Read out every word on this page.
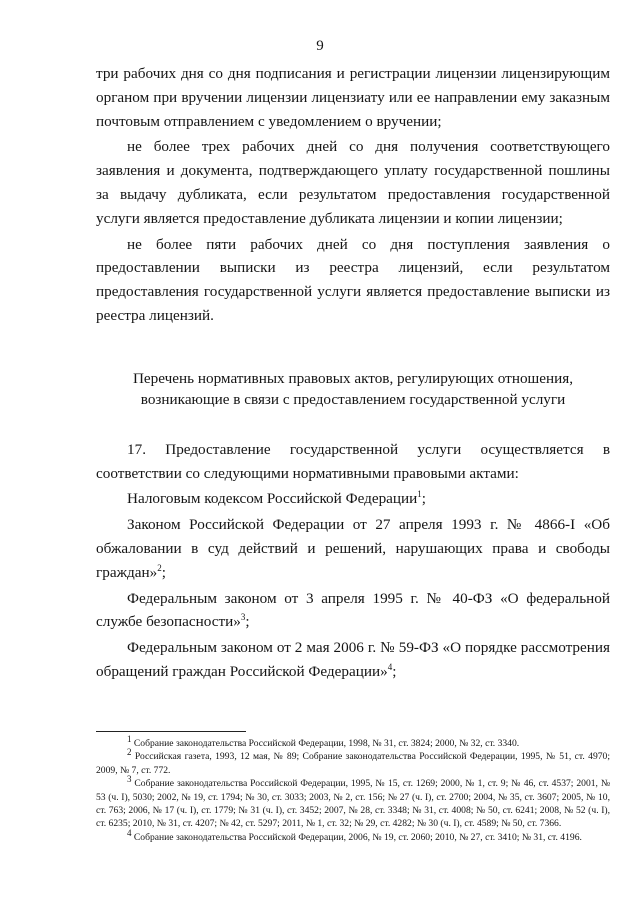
9

три рабочих дня со дня подписания и регистрации лицензии лицензирующим органом при вручении лицензии лицензиату или ее направлении ему заказным почтовым отправлением с уведомлением о вручении;

не более трех рабочих дней со дня получения соответствующего заявления и документа, подтверждающего уплату государственной пошлины за выдачу дубликата, если результатом предоставления государственной услуги является предоставление дубликата лицензии и копии лицензии;

не более пяти рабочих дней со дня поступления заявления о предоставлении выписки из реестра лицензий, если результатом предоставления государственной услуги является предоставление выписки из реестра лицензий.

Перечень нормативных правовых актов, регулирующих отношения,
возникающие в связи с предоставлением государственной услуги

17. Предоставление государственной услуги осуществляется в соответствии со следующими нормативными правовыми актами:

Налоговым кодексом Российской Федерации$^1$;

Законом Российской Федерации от 27 апреля 1993 г. № 4866-I «Об обжаловании в суд действий и решений, нарушающих права и свободы граждан»$^2$;

Федеральным законом от 3 апреля 1995 г. № 40-ФЗ «О федеральной службе безопасности»$^3$;

Федеральным законом от 2 мая 2006 г. № 59-ФЗ «О порядке рассмотрения обращений граждан Российской Федерации»$^4$;

$^1$ Собрание законодательства Российской Федерации, 1998, № 31, ст. 3824; 2000, № 32, ст. 3340.

$^2$ Российская газета, 1993, 12 мая, № 89; Собрание законодательства Российской Федерации, 1995, № 51, ст. 4970; 2009, № 7, ст. 772.

$^3$ Собрание законодательства Российской Федерации, 1995, № 15, ст. 1269; 2000, № 1, ст. 9; № 46, ст. 4537; 2001, № 53 (ч. I), 5030; 2002, № 19, ст. 1794; № 30, ст. 3033; 2003, № 2, ст. 156; № 27 (ч. I), ст. 2700; 2004, № 35, ст. 3607; 2005, № 10, ст. 763; 2006, № 17 (ч. I), ст. 1779; № 31 (ч. I), ст. 3452; 2007, № 28, ст. 3348; № 31, ст. 4008; № 50, ст. 6241; 2008, № 52 (ч. I), ст. 6235; 2010, № 31, ст. 4207; № 42, ст. 5297; 2011, № 1, ст. 32; № 29, ст. 4282; № 30 (ч. I), ст. 4589; № 50, ст. 7366.

$^4$ Собрание законодательства Российской Федерации, 2006, № 19, ст. 2060; 2010, № 27, ст. 3410; № 31, ст. 4196.
